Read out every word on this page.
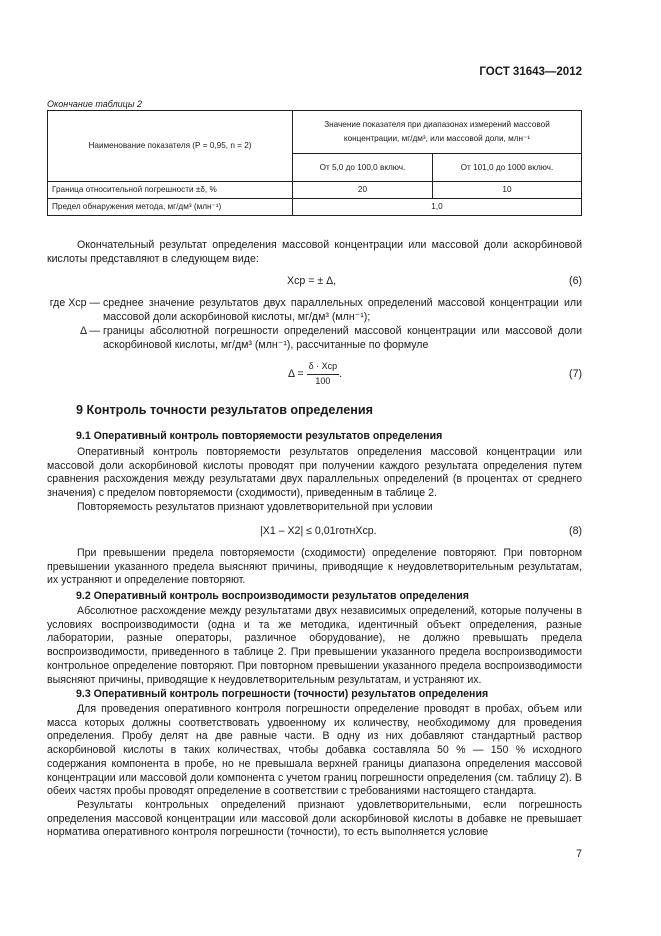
ГОСТ 31643—2012
Окончание таблицы 2
Наименование показателя (Р = 0,95, n = 2)	Значение показателя при диапазонах измерений массовой концентрации, мг/дм³, или массовой доли, млн⁻¹	
	От 5,0 до 100,0 включ.	От 101,0 до 1000 включ.
Граница относительной погрешности ±δ, %	20	10
Предел обнаружения метода, мг/дм³ (млн⁻¹)	1,0	
Окончательный результат определения массовой концентрации или массовой доли аскорбиновой кислоты представляют в следующем виде:
Xср = ± Δ,	(6)
где Xср — среднее значение результатов двух параллельных определений массовой концентрации или массовой доли аскорбиновой кислоты, мг/дм³ (млн⁻¹);
Δ — границы абсолютной погрешности определений массовой концентрации или массовой доли аскорбиновой кислоты, мг/дм³ (млн⁻¹), рассчитанные по формуле
$\Delta = \frac{\text{δ · Xср}}{100}$ .	(7)
9 Контроль точности результатов определения
9.1 Оперативный контроль повторяемости результатов определения
Оперативный контроль повторяемости результатов определения массовой концентрации или массовой доли аскорбиновой кислоты проводят при получении каждого результата определения путем сравнения расхождения между результатами двух параллельных определений (в процентах от среднего значения) с пределом повторяемости (сходимости), приведенным в таблице 2.
Повторяемость результатов признают удовлетворительной при условии
|X1 – X2| ≤ 0,01rотнXср.	(8)
При превышении предела повторяемости (сходимости) определение повторяют. При повторном превышении указанного предела выясняют причины, приводящие к неудовлетворительным результатам, их устраняют и определение повторяют.
9.2 Оперативный контроль воспроизводимости результатов определения
Абсолютное расхождение между результатами двух независимых определений, которые получены в условиях воспроизводимости (одна и та же методика, идентичный объект определения, разные лаборатории, разные операторы, различное оборудование), не должно превышать предела воспроизводимости, приведенного в таблице 2. При превышении указанного предела воспроизводимости контрольное определение повторяют. При повторном превышении указанного предела воспроизводимости выясняют причины, приводящие к неудовлетворительным результатам, и устраняют их.
9.3 Оперативный контроль погрешности (точности) результатов определения
Для проведения оперативного контроля погрешности определение проводят в пробах, объем или масса которых должны соответствовать удвоенному их количеству, необходимому для проведения определения. Пробу делят на две равные части. В одну из них добавляют стандартный раствор аскорбиновой кислоты в таких количествах, чтобы добавка составляла 50 % — 150 % исходного содержания компонента в пробе, но не превышала верхней границы диапазона определения массовой концентрации или массовой доли компонента с учетом границ погрешности определения (см. таблицу 2). В обеих частях пробы проводят определение в соответствии с требованиями настоящего стандарта.
Результаты контрольных определений признают удовлетворительными, если погрешность определения массовой концентрации или массовой доли аскорбиновой кислоты в добавке не превышает норматива оперативного контроля погрешности (точности), то есть выполняется условие
7
